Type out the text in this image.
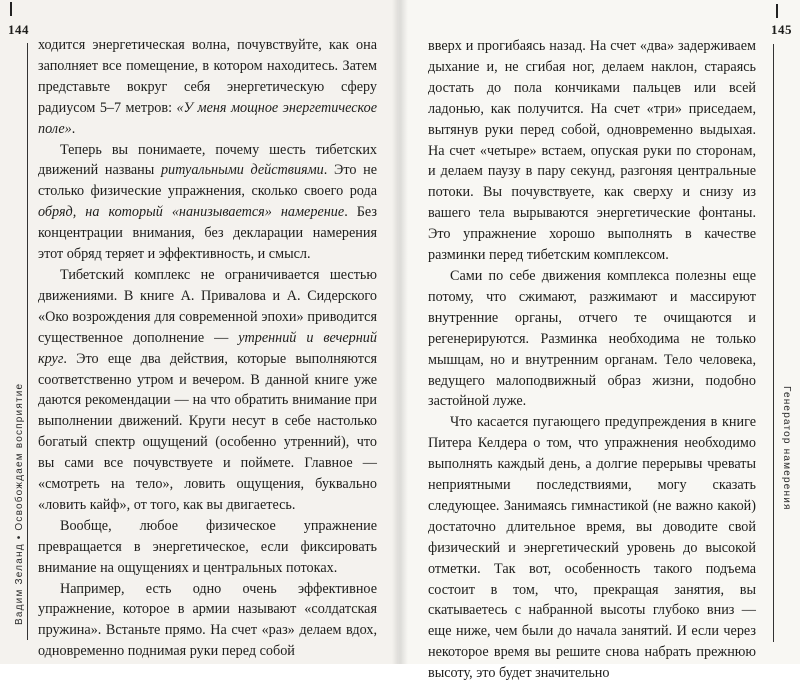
144
Вадим Зеланд • Освобождаем восприятие

ходится энергетическая волна, почувствуйте, как она заполняет все помещение, в котором находитесь. Затем представьте вокруг себя энергетическую сферу радиусом 5–7 метров: «У меня мощное энергетическое поле».

Теперь вы понимаете, почему шесть тибетских движений названы ритуальными действиями. Это не столько физические упражнения, сколько своего рода обряд, на который «нанизывается» намерение. Без концентрации внимания, без декларации намерения этот обряд теряет и эффективность, и смысл.

Тибетский комплекс не ограничивается шестью движениями. В книге А. Привалова и А. Сидерского «Око возрождения для современной эпохи» приводится существенное дополнение — утренний и вечерний круг. Это еще два действия, которые выполняются соответственно утром и вечером. В данной книге уже даются рекомендации — на что обратить внимание при выполнении движений. Круги несут в себе настолько богатый спектр ощущений (особенно утренний), что вы сами все почувствуете и поймете. Главное — «смотреть на тело», ловить ощущения, буквально «ловить кайф», от того, как вы двигаетесь.

Вообще, любое физическое упражнение превращается в энергетическое, если фиксировать внимание на ощущениях и центральных потоках.

Например, есть одно очень эффективное упражнение, которое в армии называют «солдатская пружина». Встаньте прямо. На счет «раз» делаем вдох, одновременно поднимая руки перед собой

145
Генератор намерения

вверх и прогибаясь назад. На счет «два» задерживаем дыхание и, не сгибая ног, делаем наклон, стараясь достать до пола кончиками пальцев или всей ладонью, как получится. На счет «три» приседаем, вытянув руки перед собой, одновременно выдыхая. На счет «четыре» встаем, опуская руки по сторонам, и делаем паузу в пару секунд, разгоняя центральные потоки. Вы почувствуете, как сверху и снизу из вашего тела вырываются энергетические фонтаны. Это упражнение хорошо выполнять в качестве разминки перед тибетским комплексом.

Сами по себе движения комплекса полезны еще потому, что сжимают, разжимают и массируют внутренние органы, отчего те очищаются и регенерируются. Разминка необходима не только мышцам, но и внутренним органам. Тело человека, ведущего малоподвижный образ жизни, подобно застойной луже.

Что касается пугающего предупреждения в книге Питера Келдера о том, что упражнения необходимо выполнять каждый день, а долгие перерывы чреваты неприятными последствиями, могу сказать следующее. Занимаясь гимнастикой (не важно какой) достаточно длительное время, вы доводите свой физический и энергетический уровень до высокой отметки. Так вот, особенность такого подъема состоит в том, что, прекращая занятия, вы скатываетесь с набранной высоты глубоко вниз — еще ниже, чем были до начала занятий. И если через некоторое время вы решите снова набрать прежнюю высоту, это будет значительно
